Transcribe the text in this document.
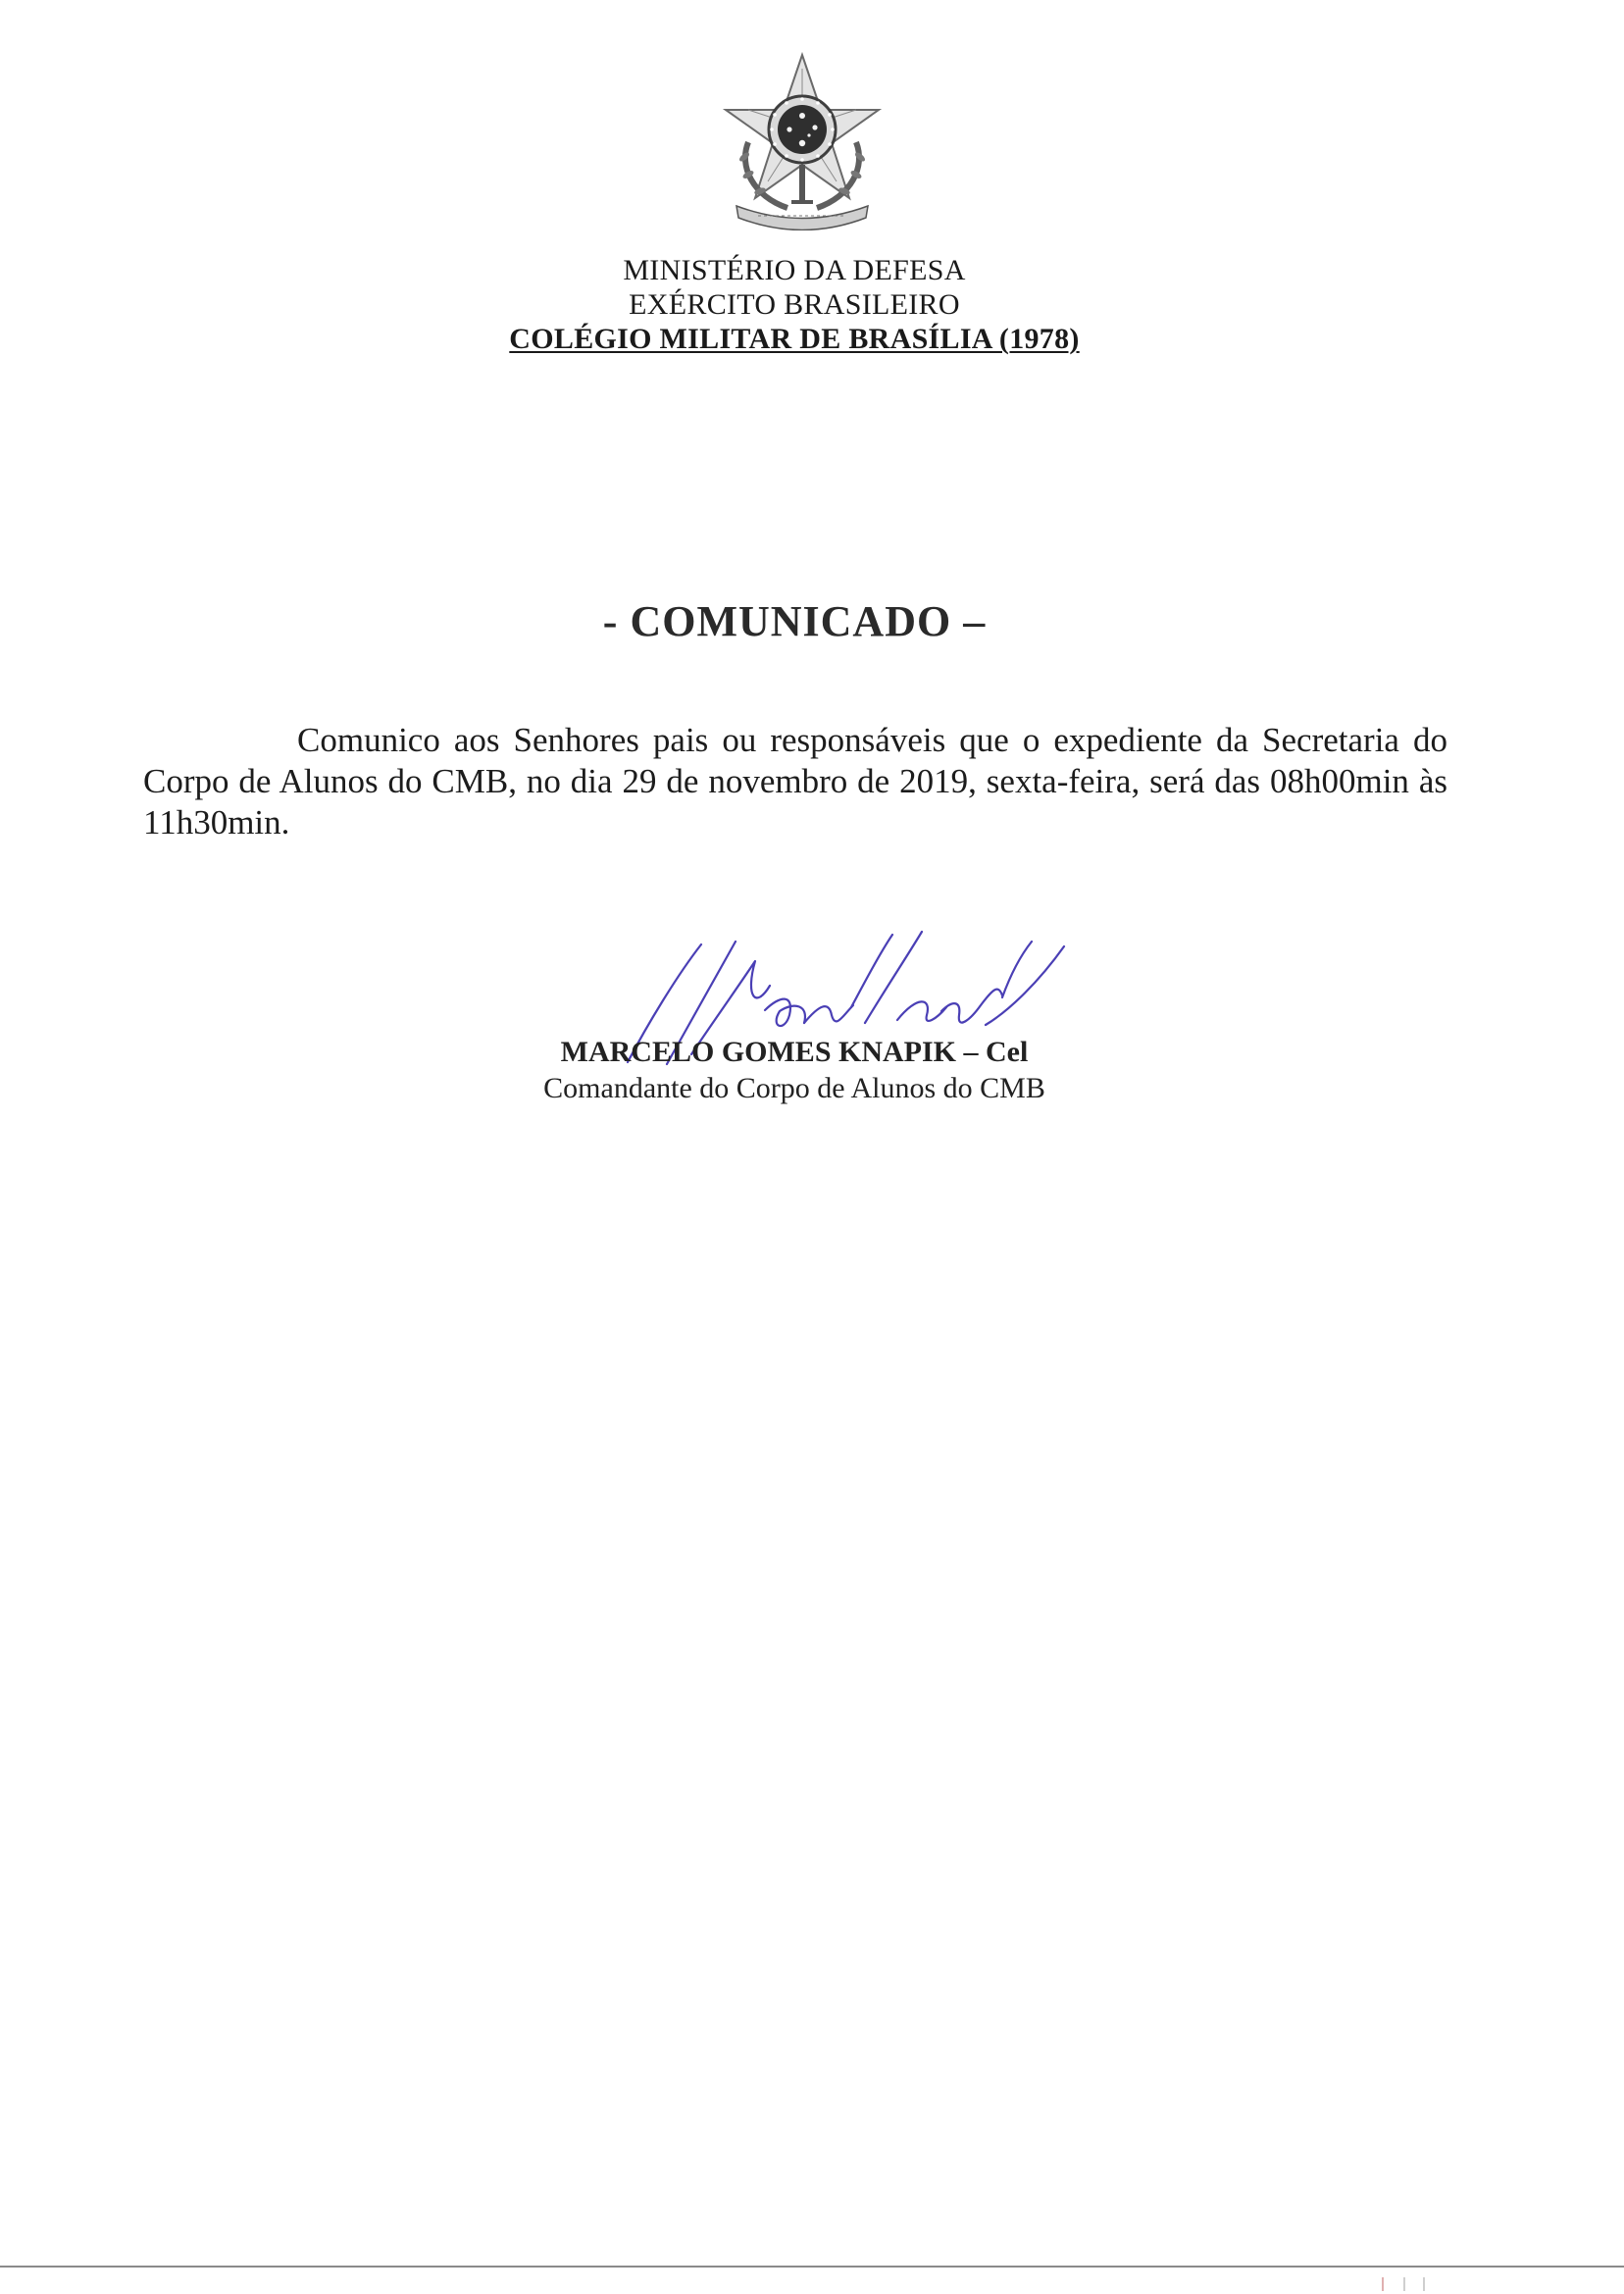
MINISTÉRIO DA DEFESA
EXÉRCITO BRASILEIRO
COLÉGIO MILITAR DE BRASÍLIA (1978)
- COMUNICADO –
Comunico aos Senhores pais ou responsáveis que o expediente da Secretaria do Corpo de Alunos do CMB, no dia 29 de novembro de 2019, sexta-feira, será das 08h00min às 11h30min.
MARCELO GOMES KNAPIK – Cel
Comandante do Corpo de Alunos do CMB
